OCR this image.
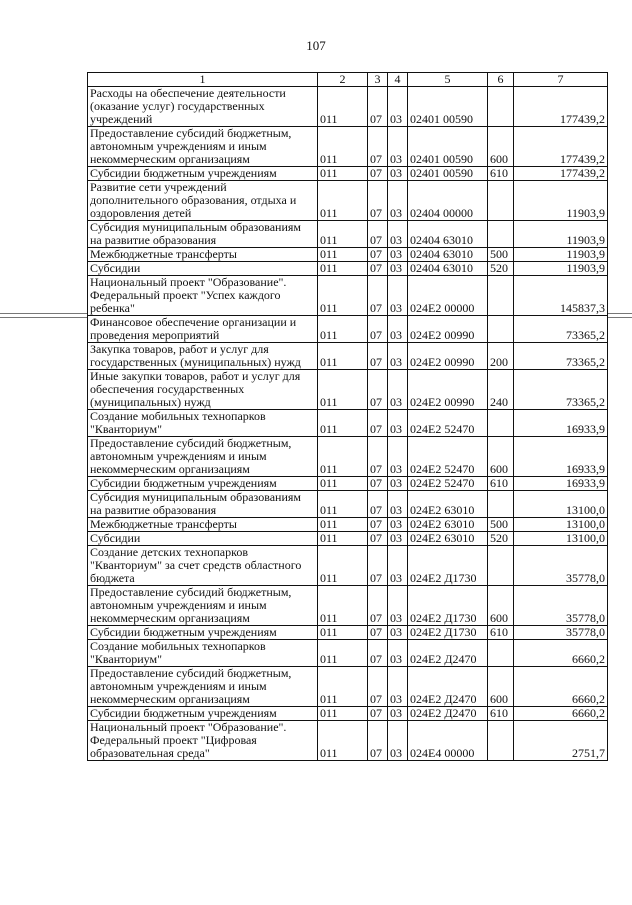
107
1	2	3	4	5	6	7
Расходы на обеспечение деятельности (оказание услуг) государственных учреждений	011	07	03	02401 00590		177439,2
Предоставление субсидий бюджетным, автономным учреждениям и иным некоммерческим организациям	011	07	03	02401 00590	600	177439,2
Субсидии бюджетным учреждениям	011	07	03	02401 00590	610	177439,2
Развитие сети учреждений дополнительного образования, отдыха и оздоровления детей	011	07	03	02404 00000		11903,9
Субсидия муниципальным образованиям на развитие образования	011	07	03	02404 63010		11903,9
Межбюджетные трансферты	011	07	03	02404 63010	500	11903,9
Субсидии	011	07	03	02404 63010	520	11903,9
Национальный проект "Образование". Федеральный проект "Успех каждого ребенка"	011	07	03	024E2 00000		145837,3
Финансовое обеспечение организации и проведения мероприятий	011	07	03	024E2 00990		73365,2
Закупка товаров, работ и услуг для государственных (муниципальных) нужд	011	07	03	024E2 00990	200	73365,2
Иные закупки товаров, работ и услуг для обеспечения государственных (муниципальных) нужд	011	07	03	024E2 00990	240	73365,2
Создание мобильных технопарков "Кванториум"	011	07	03	024E2 52470		16933,9
Предоставление субсидий бюджетным, автономным учреждениям и иным некоммерческим организациям	011	07	03	024E2 52470	600	16933,9
Субсидии бюджетным учреждениям	011	07	03	024E2 52470	610	16933,9
Субсидия муниципальным образованиям на развитие образования	011	07	03	024E2 63010		13100,0
Межбюджетные трансферты	011	07	03	024E2 63010	500	13100,0
Субсидии	011	07	03	024E2 63010	520	13100,0
Создание детских технопарков "Кванториум" за счет средств областного бюджета	011	07	03	024E2 Д1730		35778,0
Предоставление субсидий бюджетным, автономным учреждениям и иным некоммерческим организациям	011	07	03	024E2 Д1730	600	35778,0
Субсидии бюджетным учреждениям	011	07	03	024E2 Д1730	610	35778,0
Создание мобильных технопарков "Кванториум"	011	07	03	024E2 Д2470		6660,2
Предоставление субсидий бюджетным, автономным учреждениям и иным некоммерческим организациям	011	07	03	024E2 Д2470	600	6660,2
Субсидии бюджетным учреждениям	011	07	03	024E2 Д2470	610	6660,2
Национальный проект "Образование". Федеральный проект "Цифровая образовательная среда"	011	07	03	024E4 00000		2751,7
